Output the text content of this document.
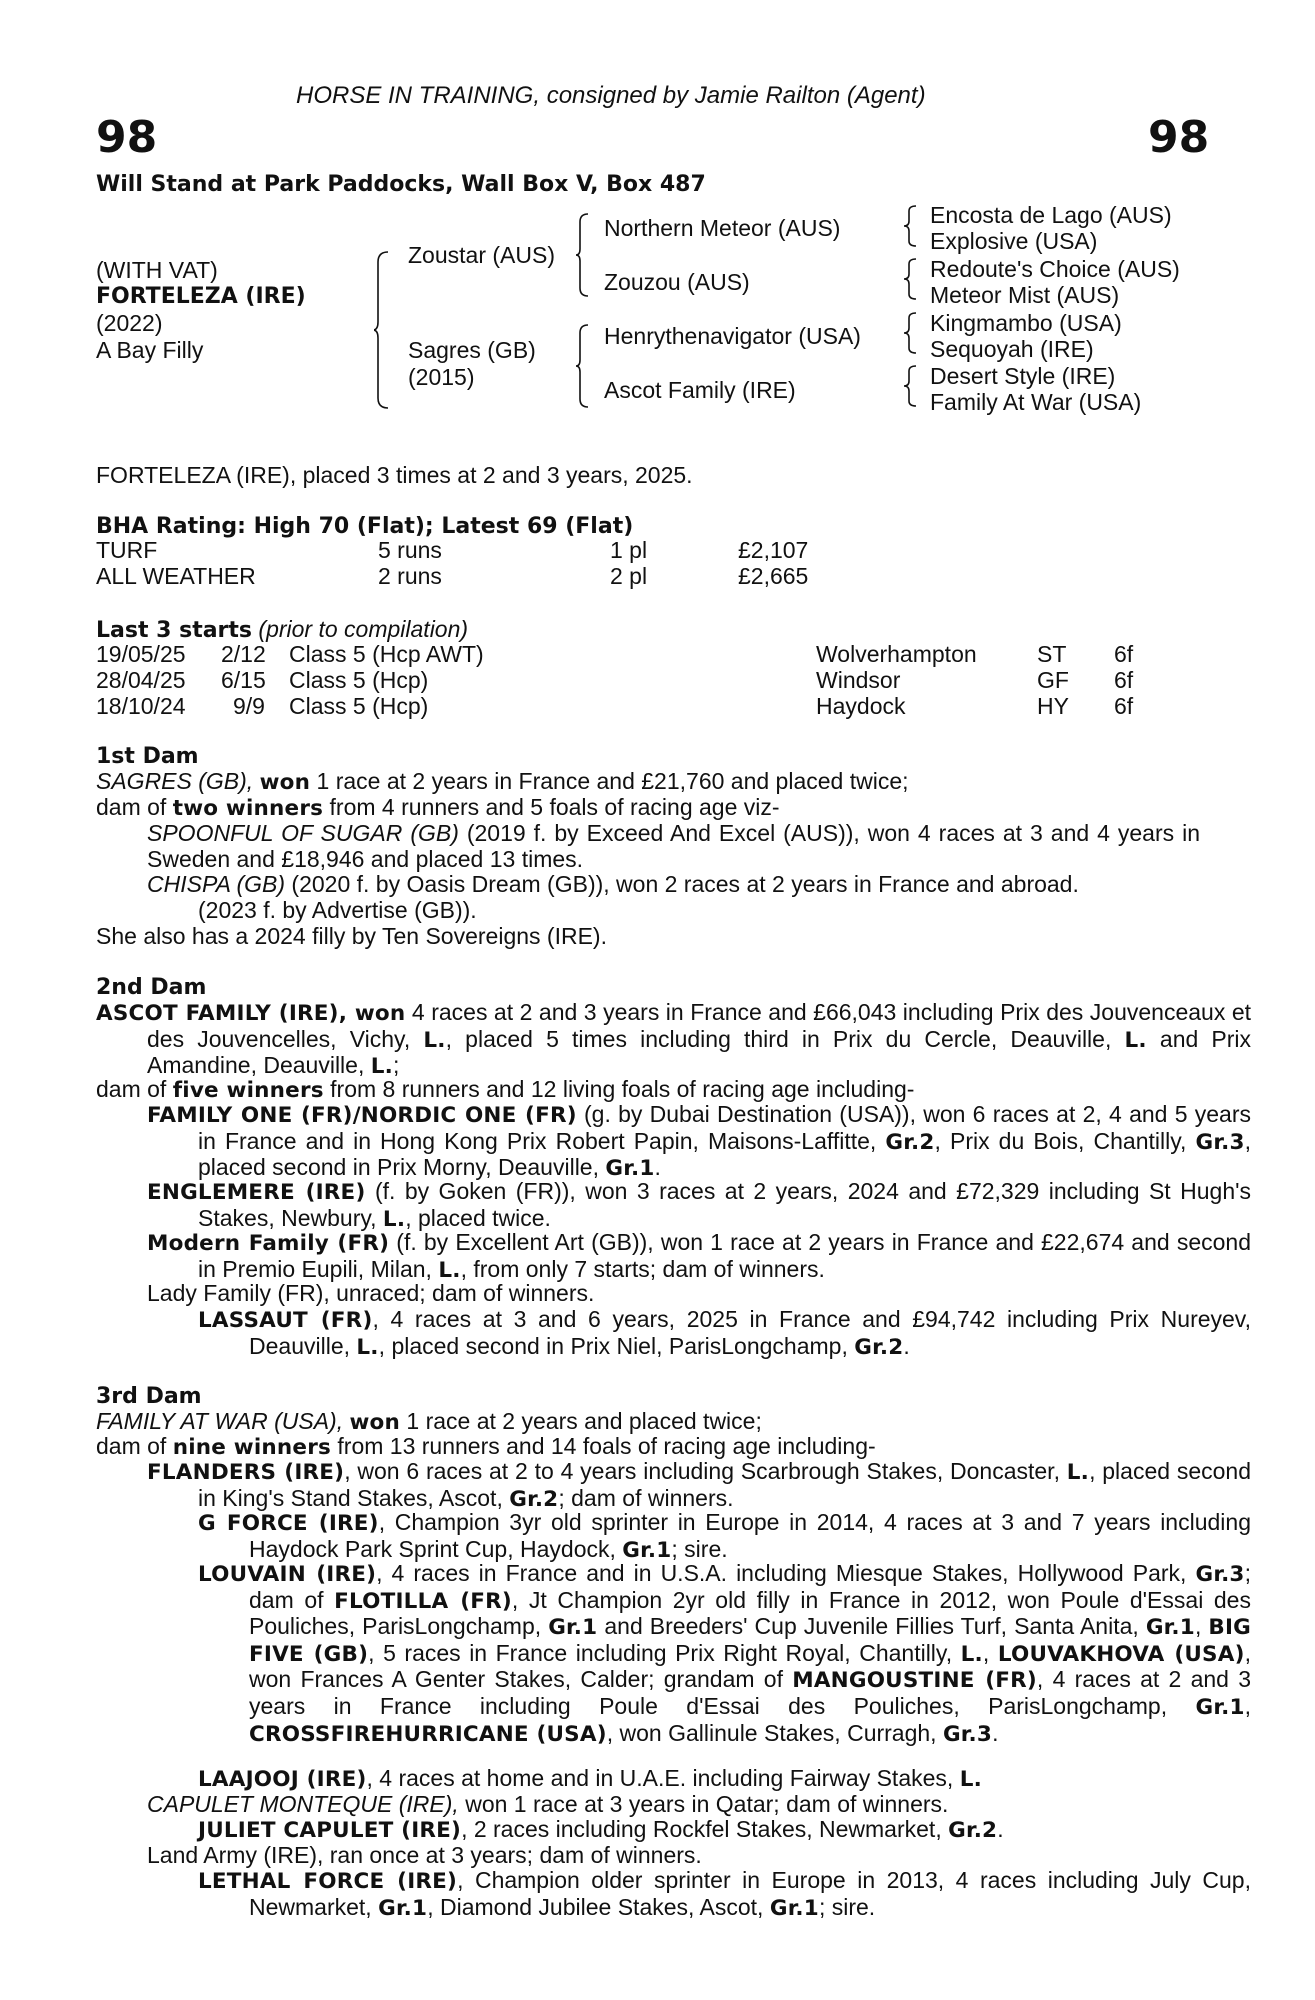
HORSE IN TRAINING, consigned by Jamie Railton (Agent)
98	98
Will Stand at Park Paddocks, Wall Box V, Box 487
(WITH VAT)
FORTELEZA (IRE)
(2022)
A Bay Filly
Zoustar (AUS)
Sagres (GB)
(2015)
Northern Meteor (AUS)
Zouzou (AUS)
Henrythenavigator (USA)
Ascot Family (IRE)
Encosta de Lago (AUS)
Explosive (USA)
Redoute's Choice (AUS)
Meteor Mist (AUS)
Kingmambo (USA)
Sequoyah (IRE)
Desert Style (IRE)
Family At War (USA)
FORTELEZA (IRE), placed 3 times at 2 and 3 years, 2025.
BHA Rating: High 70 (Flat); Latest 69 (Flat)
TURF	5 runs	1 pl	£2,107
ALL WEATHER	2 runs	2 pl	£2,665
Last 3 starts (prior to compilation)
19/05/25 2/12 Class 5 (Hcp AWT)	Wolverhampton	ST 6f
28/04/25 6/15 Class 5 (Hcp)	Windsor	GF 6f
18/10/24 9/9 Class 5 (Hcp)	Haydock	HY 6f
1st Dam
SAGRES (GB), won 1 race at 2 years in France and £21,760 and placed twice;
dam of two winners from 4 runners and 5 foals of racing age viz-

SPOONFUL OF SUGAR (GB) (2019 f. by Exceed And Excel (AUS)), won 4 races at 3 and 4 years in Sweden and £18,946 and placed 13 times.

CHISPA (GB) (2020 f. by Oasis Dream (GB)), won 2 races at 2 years in France and abroad.

(2023 f. by Advertise (GB)).
She also has a 2024 filly by Ten Sovereigns (IRE).
2nd Dam

ASCOT FAMILY (IRE), won 4 races at 2 and 3 years in France and £66,043 including Prix des Jouvenceaux et des Jouvencelles, Vichy, L., placed 5 times including third in Prix du Cercle, Deauville, L. and Prix Amandine, Deauville, L.;

dam of five winners from 8 runners and 12 living foals of racing age including-

FAMILY ONE (FR)/NORDIC ONE (FR) (g. by Dubai Destination (USA)), won 6 races at 2, 4 and 5 years in France and in Hong Kong Prix Robert Papin, Maisons-Laffitte, Gr.2, Prix du Bois, Chantilly, Gr.3, placed second in Prix Morny, Deauville, Gr.1.

ENGLEMERE (IRE) (f. by Goken (FR)), won 3 races at 2 years, 2024 and £72,329 including St Hugh's Stakes, Newbury, L., placed twice.

Modern Family (FR) (f. by Excellent Art (GB)), won 1 race at 2 years in France and £22,674 and second in Premio Eupili, Milan, L., from only 7 starts; dam of winners.

Lady Family (FR), unraced; dam of winners.

LASSAUT (FR), 4 races at 3 and 6 years, 2025 in France and £94,742 including Prix Nureyev, Deauville, L., placed second in Prix Niel, ParisLongchamp, Gr.2.

3rd Dam
FAMILY AT WAR (USA), won 1 race at 2 years and placed twice;
dam of nine winners from 13 runners and 14 foals of racing age including-

FLANDERS (IRE), won 6 races at 2 to 4 years including Scarbrough Stakes, Doncaster, L., placed second in King's Stand Stakes, Ascot, Gr.2; dam of winners.

G FORCE (IRE), Champion 3yr old sprinter in Europe in 2014, 4 races at 3 and 7 years including Haydock Park Sprint Cup, Haydock, Gr.1; sire.

LOUVAIN (IRE), 4 races in France and in U.S.A. including Miesque Stakes, Hollywood Park, Gr.3; dam of FLOTILLA (FR), Jt Champion 2yr old filly in France in 2012, won Poule d'Essai des Pouliches, ParisLongchamp, Gr.1 and Breeders' Cup Juvenile Fillies Turf, Santa Anita, Gr.1, BIG FIVE (GB), 5 races in France including Prix Right Royal, Chantilly, L., LOUVAKHOVA (USA), won Frances A Genter Stakes, Calder; grandam of MANGOUSTINE (FR), 4 races at 2 and 3 years in France including Poule d'Essai des Pouliches, ParisLongchamp, Gr.1, CROSSFIREHURRICANE (USA), won Gallinule Stakes, Curragh, Gr.3.

LAAJOOJ (IRE), 4 races at home and in U.A.E. including Fairway Stakes, L.

CAPULET MONTEQUE (IRE), won 1 race at 3 years in Qatar; dam of winners.

JULIET CAPULET (IRE), 2 races including Rockfel Stakes, Newmarket, Gr.2.

Land Army (IRE), ran once at 3 years; dam of winners.

LETHAL FORCE (IRE), Champion older sprinter in Europe in 2013, 4 races including July Cup, Newmarket, Gr.1, Diamond Jubilee Stakes, Ascot, Gr.1; sire.
